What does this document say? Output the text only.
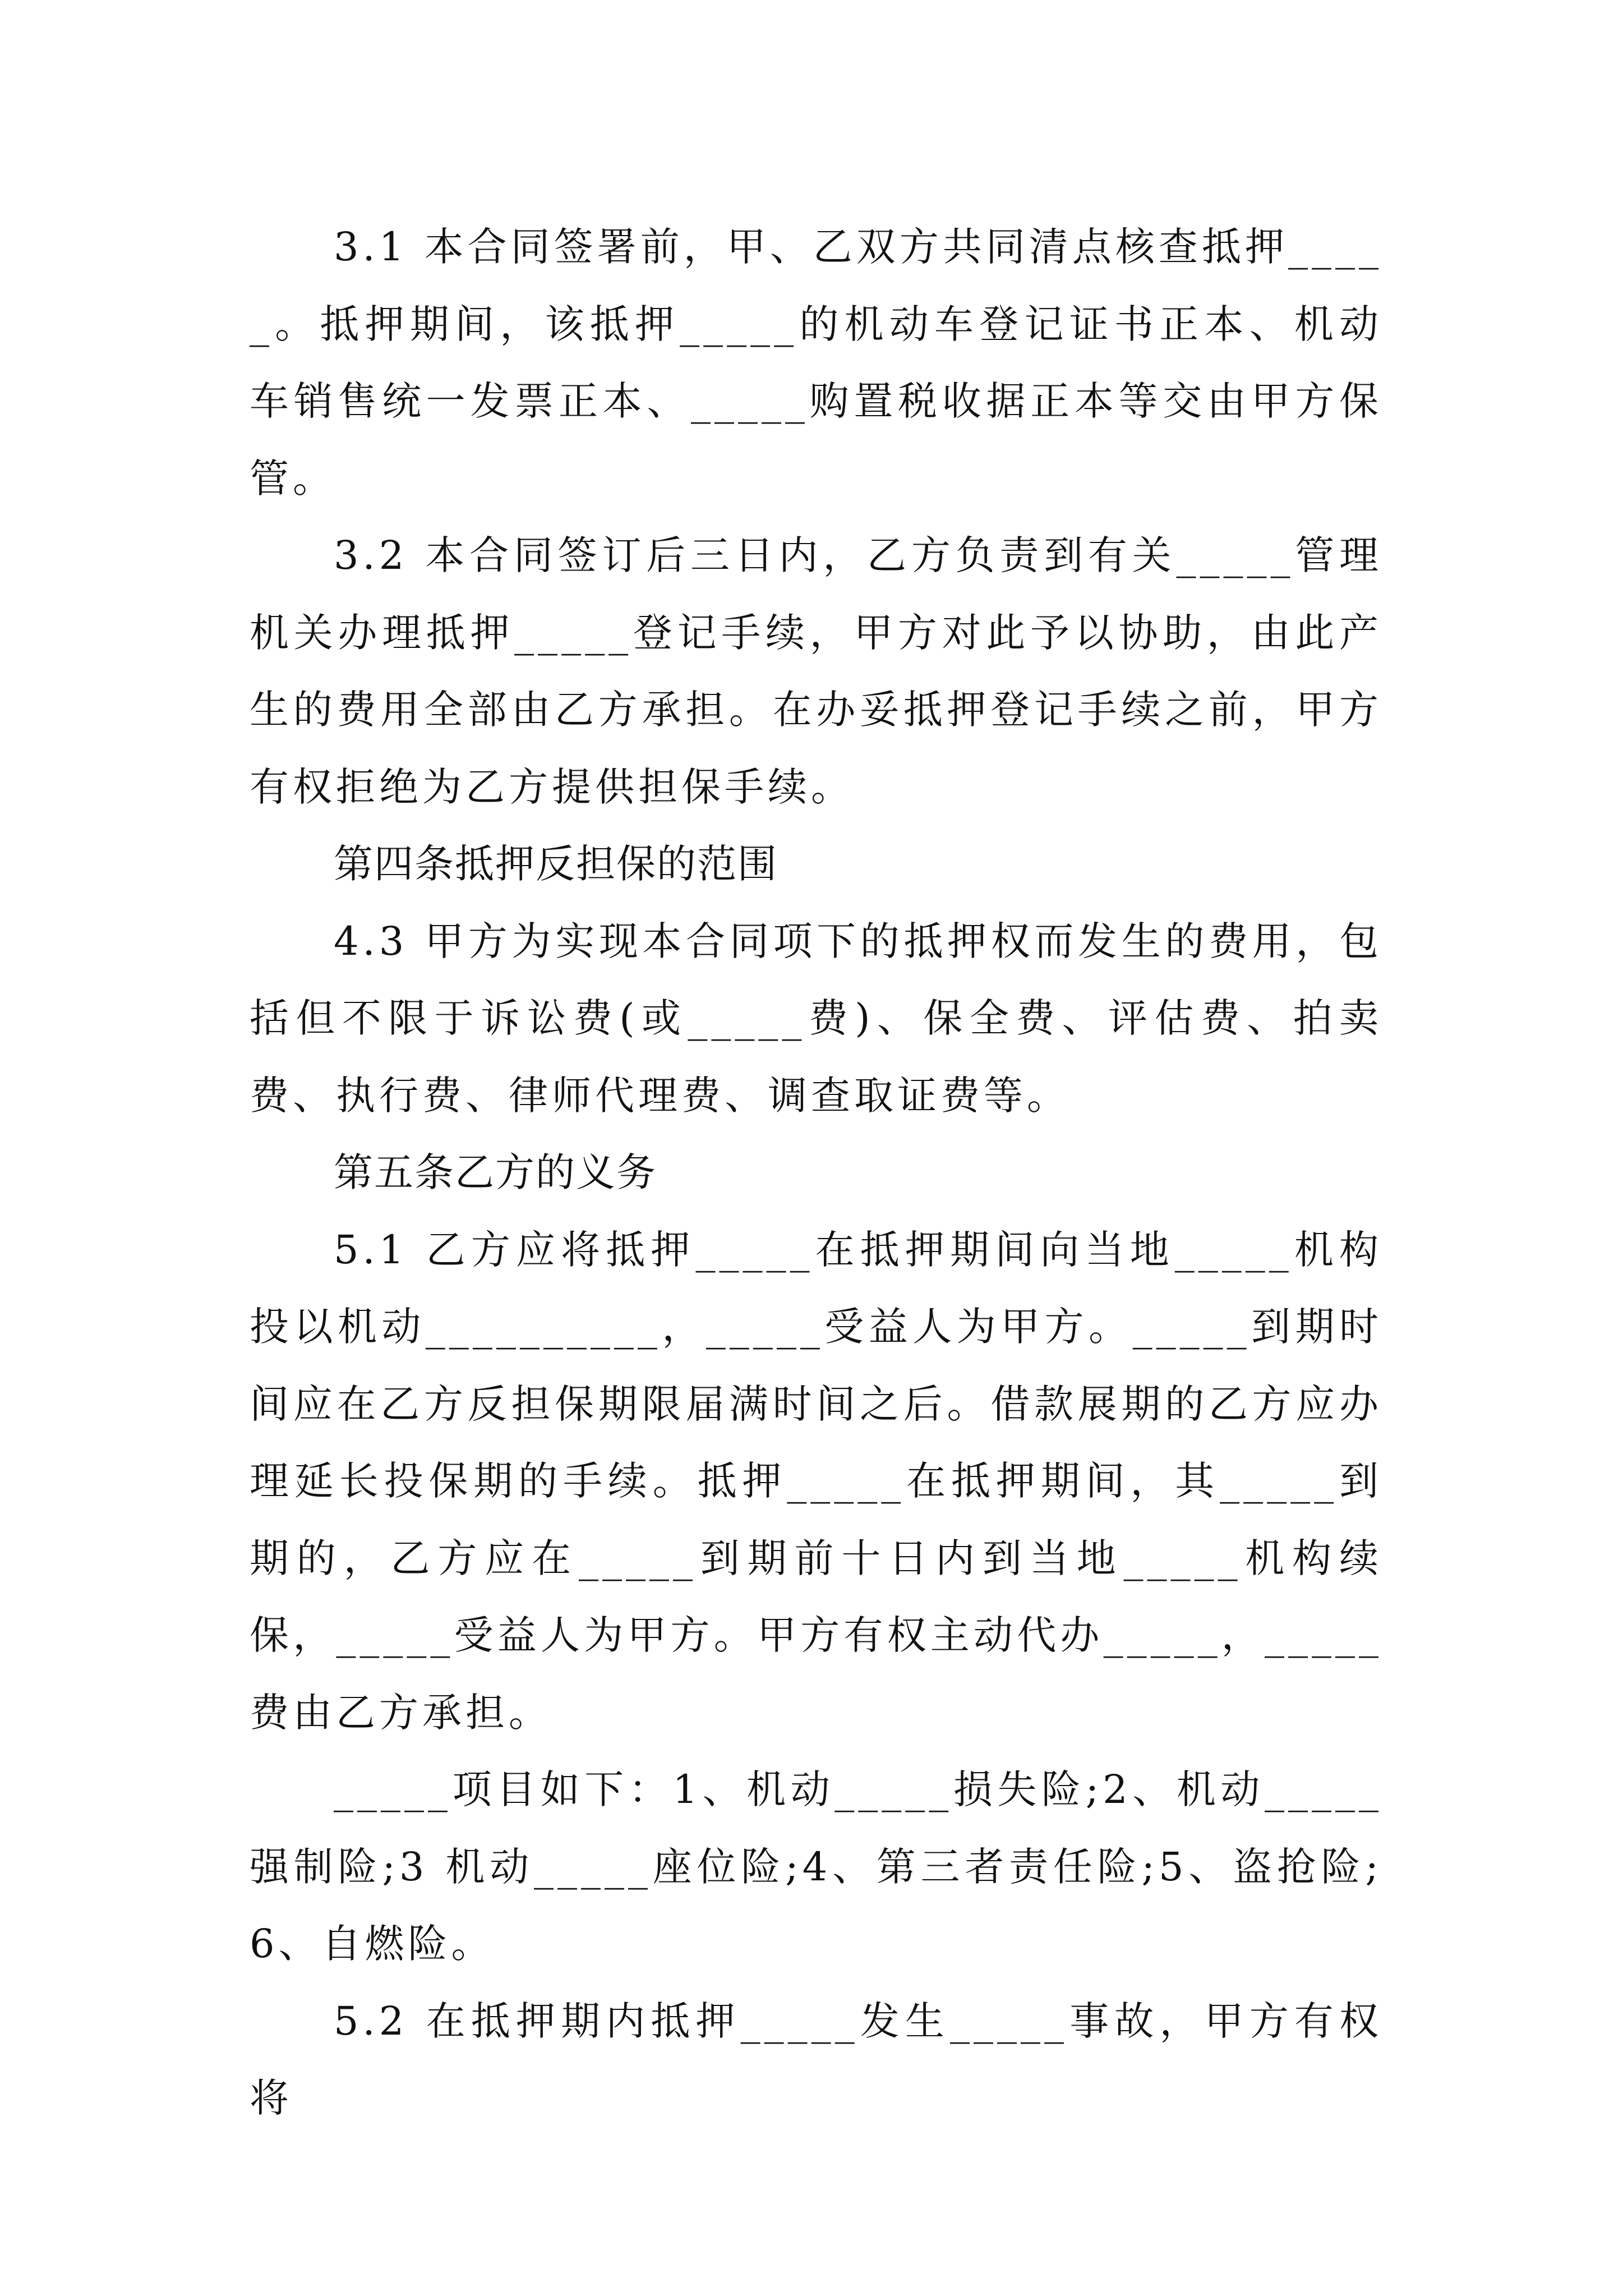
3.1 本合同签署前，甲、乙双方共同清点核查抵押_____。抵押期间，该抵押_____的机动车登记证书正本、机动车销售统一发票正本、_____购置税收据正本等交由甲方保管。

3.2 本合同签订后三日内，乙方负责到有关_____管理机关办理抵押_____登记手续，甲方对此予以协助，由此产生的费用全部由乙方承担。在办妥抵押登记手续之前，甲方有权拒绝为乙方提供担保手续。

第四条抵押反担保的范围

4.3 甲方为实现本合同项下的抵押权而发生的费用，包括但不限于诉讼费(或_____费)、保全费、评估费、拍卖费、执行费、律师代理费、调查取证费等。

第五条乙方的义务

5.1 乙方应将抵押_____在抵押期间向当地_____机构投以机动__________，_____受益人为甲方。_____到期时间应在乙方反担保期限届满时间之后。借款展期的乙方应办理延长投保期的手续。抵押_____在抵押期间，其_____到期的，乙方应在_____到期前十日内到当地_____机构续保，_____受益人为甲方。甲方有权主动代办_____，_____费由乙方承担。

_____项目如下：1、机动_____损失险;2、机动_____强制险;3 机动_____座位险;4、第三者责任险;5、盗抢险;6、自燃险。

5.2 在抵押期内抵押_____发生_____事故，甲方有权将
